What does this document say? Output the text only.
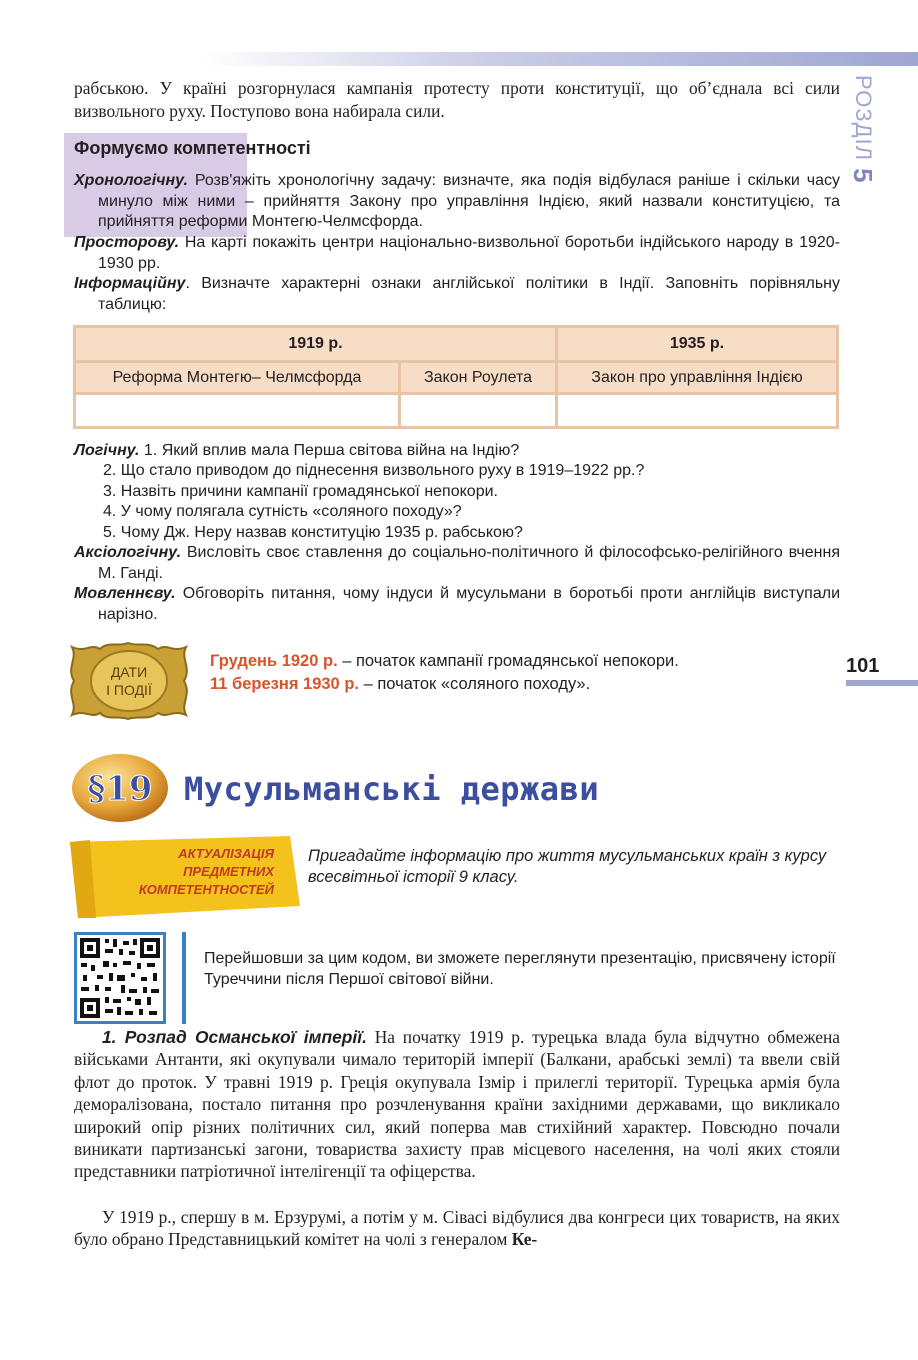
РОЗДІЛ 5
101

рабською. У країні розгорнулася кампанія протесту проти конституції, що об’єднала всі сили визвольного руху. Поступово вона набирала сили.

Формуємо компетентності

Хронологічну. Розв'яжіть хронологічну задачу: визначте, яка подія відбулася раніше і скільки часу минуло між ними – прийняття Закону про управління Індією, який назвали конституцією, та прийняття реформи Монтегю-Челмсфорда.

Просторову. На карті покажіть центри національно-визвольної боротьби індійського народу в 1920-1930 рр.

Інформаційну. Визначте характерні ознаки англійської політики в Індії. Заповніть порівняльну таблицю:

1919 р.		1935 р.
Реформа Монтегю– Челмсфорда	Закон Роулета	Закон про управління Індією

Логічну. 1. Який вплив мала Перша світова війна на Індію?

2. Що стало приводом до піднесення визвольного руху в 1919–1922 рр.?

3. Назвіть причини кампанії громадянської непокори.

4. У чому полягала сутність «соляного походу»?

5. Чому Дж. Неру назвав конституцію 1935 р. рабською?

Аксіологічну. Висловіть своє ставлення до соціально-політичного й філософсько-релігійного вчення М. Ганді.

Мовленнєву. Обговоріть питання, чому індуси й мусульмани в боротьбі проти англійців виступали нарізно.

ДАТИ
І ПОДІЇ
Грудень 1920 р. – початок кампанії громадянської непокори.
11 березня 1930 р. – початок «соляного походу».
§19 Мусульманські держави
АКТУАЛІЗАЦІЯ
ПРЕДМЕТНИХ
КОМПЕТЕНТНОСТЕЙ

Пригадайте інформацію про життя мусульманських країн з курсу всесвітньої історії 9 класу.

Перейшовши за цим кодом, ви зможете переглянути презентацію, присвячену історії Туреччини після Першої світової війни.

1. Розпад Османської імперії. На початку 1919 р. турецька влада була відчутно обмежена військами Антанти, які окупували чимало територій імперії (Балкани, арабські землі) та ввели свій флот до проток. У травні 1919 р. Греція окупувала Ізмір і прилеглі території. Турецька армія була деморалізована, постало питання про розчленування країни західними державами, що викликало широкий опір різних політичних сил, який поперва мав стихійний характер. Повсюдно почали виникати партизанські загони, товариства захисту прав місцевого населення, на чолі яких стояли представники патріотичної інтелігенції та офіцерства.

У 1919 р., спершу в м. Ерзурумі, а потім у м. Сівасі відбулися два конгреси цих товариств, на яких було обрано Представницький комітет на чолі з генералом Ке-
